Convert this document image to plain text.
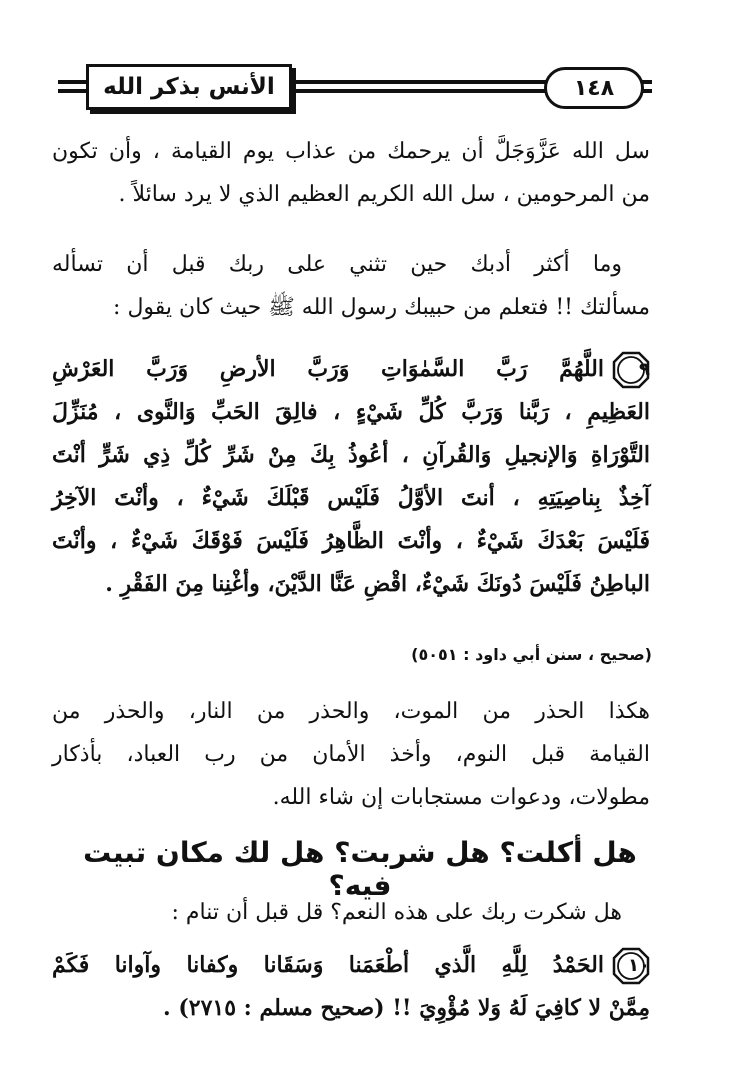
الأنس بذكر الله	١٤٨
سل الله عَزَّوَجَلَّ أن يرحمك من عذاب يوم القيامة ، وأن تكون
من المرحومين ، سل الله الكريم العظيم الذي لا يرد سائلاً .
وما أكثر أدبك حين تثني على ربك قبل أن تسأله
مسألتك !! فتعلم من حبيبك رسول الله ﷺ حيث كان يقول :
٩
اللَّهُمَّ رَبَّ السَّمٰوَاتِ وَرَبَّ الأرضِ وَرَبَّ العَرْشِ
العَظِيمِ ، رَبَّنا وَرَبَّ كُلِّ شَيْءٍ ، فالِقَ الحَبِّ وَالنَّوى ، مُنَزِّلَ
التَّوْرَاةِ وَالإنجيلِ وَالقُرآنِ ، أعُوذُ بِكَ مِنْ شَرِّ كُلِّ ذِي شَرٍّ أنْتَ
آخِذٌ بِناصِيَتِهِ ، أنتَ الأوَّلُ فَلَيْس قَبْلَكَ شَيْءٌ ، وأنْتَ الآخِرُ
فَلَيْسَ بَعْدَكَ شَيْءٌ ، وأنْتَ الظَّاهِرُ فَلَيْسَ فَوْقَكَ شَيْءٌ ، وأنْتَ
الباطِنُ فَلَيْسَ دُونَكَ شَيْءٌ، اقْضِ عَنَّا الدَّيْنَ، وأغْنِنا مِنَ الفَقْرِ .
(صحيح ، سنن أبي داود : ٥٠٥١)
هكذا الحذر من الموت، والحذر من النار، والحذر من
القيامة قبل النوم، وأخذ الأمان من رب العباد، بأذكار
مطولات، ودعوات مستجابات إن شاء الله.
هل أكلت؟ هل شربت؟ هل لك مكان تبيت فيه؟
هل شكرت ربك على هذه النعم؟ قل قبل أن تنام :
١٠
الحَمْدُ لِلَّهِ الَّذي أطْعَمَنا وَسَقَانا وكفانا وآوانا فَكَمْ
مِمَّنْ لا كافِيَ لَهُ وَلا مُؤْوِيَ !! (صحيح مسلم : ٢٧١٥) .
